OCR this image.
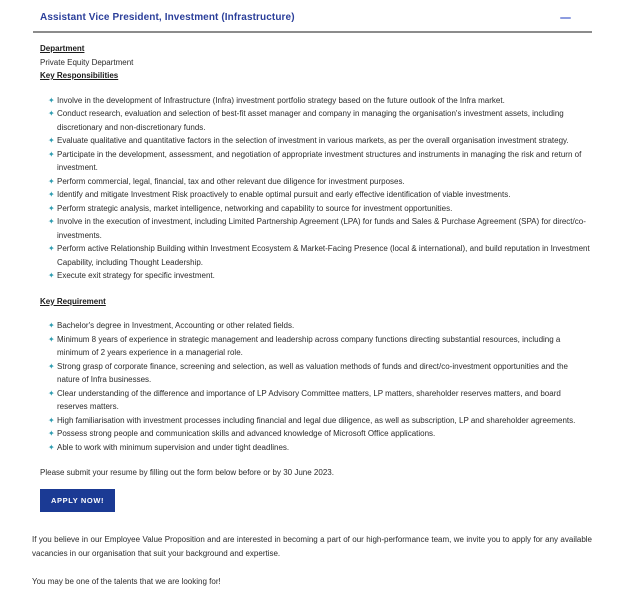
Assistant Vice President, Investment (Infrastructure)
Department
Private Equity Department
Key Responsibilities
✦ Involve in the development of Infrastructure (Infra) investment portfolio strategy based on the future outlook of the Infra market.
✦ Conduct research, evaluation and selection of best-fit asset manager and company in managing the organisation's investment assets, including discretionary and non-discretionary funds.
✦ Evaluate qualitative and quantitative factors in the selection of investment in various markets, as per the overall organisation investment strategy.
✦ Participate in the development, assessment, and negotiation of appropriate investment structures and instruments in managing the risk and return of investment.
✦ Perform commercial, legal, financial, tax and other relevant due diligence for investment purposes.
✦ Identify and mitigate Investment Risk proactively to enable optimal pursuit and early effective identification of viable investments.
✦ Perform strategic analysis, market intelligence, networking and capability to source for investment opportunities.
✦ Involve in the execution of investment, including Limited Partnership Agreement (LPA) for funds and Sales & Purchase Agreement (SPA) for direct/co-investments.
✦ Perform active Relationship Building within Investment Ecosystem & Market-Facing Presence (local & international), and build reputation in Investment Capability, including Thought Leadership.
✦ Execute exit strategy for specific investment.
Key Requirement
✦ Bachelor's degree in Investment, Accounting or other related fields.
✦ Minimum 8 years of experience in strategic management and leadership across company functions directing substantial resources, including a minimum of 2 years experience in a managerial role.
✦ Strong grasp of corporate finance, screening and selection, as well as valuation methods of funds and direct/co-investment opportunities and the nature of Infra businesses.
✦ Clear understanding of the difference and importance of LP Advisory Committee matters, LP matters, shareholder reserves matters, and board reserves matters.
✦ High familiarisation with investment processes including financial and legal due diligence, as well as subscription, LP and shareholder agreements.
✦ Possess strong people and communication skills and advanced knowledge of Microsoft Office applications.
✦ Able to work with minimum supervision and under tight deadlines.
Please submit your resume by filling out the form below before or by 30 June 2023.
APPLY NOW!

If you believe in our Employee Value Proposition and are interested in becoming a part of our high-performance team, we invite you to apply for any available vacancies in our organisation that suit your background and expertise.

You may be one of the talents that we are looking for!
